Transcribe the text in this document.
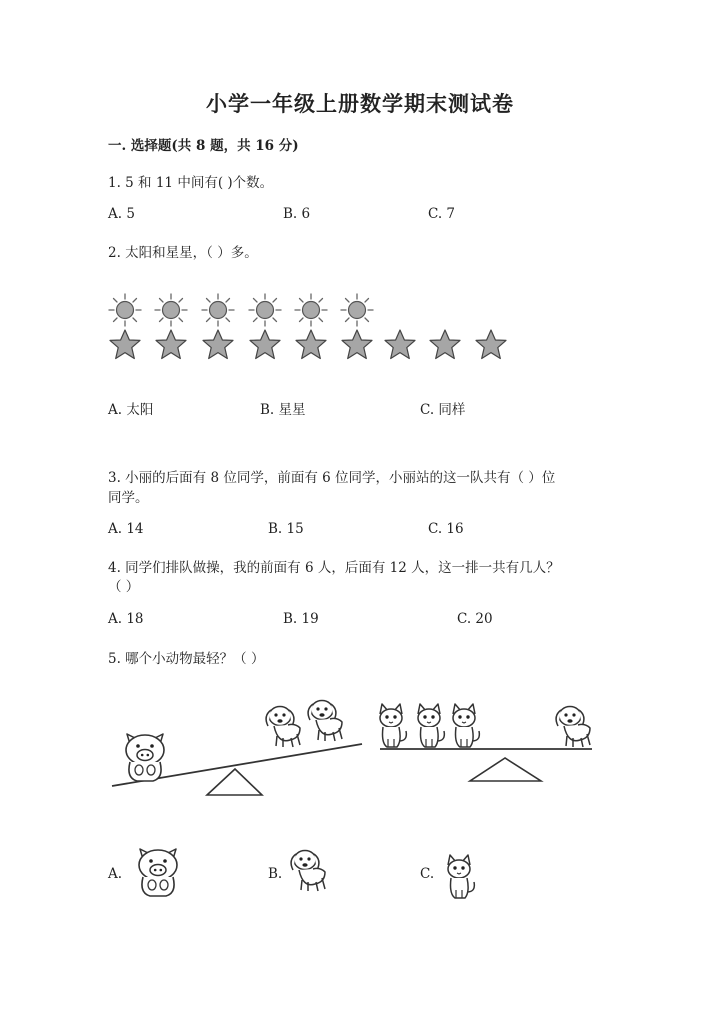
小学一年级上册数学期末测试卷
一. 选择题(共 8 题，共 16 分)
1. 5 和 11 中间有( )个数。
A. 5	B. 6	C. 7
2. 太阳和星星，（ ）多。
A. 太阳	B. 星星	C. 同样
3. 小丽的后面有 8 位同学，前面有 6 位同学，小丽站的这一队共有（ ）位
同学。
A. 14	B. 15	C. 16
4. 同学们排队做操，我的前面有 6 人，后面有 12 人，这一排一共有几人？
（ ）
A. 18	B. 19	C. 20
5. 哪个小动物最轻？（ ）
A.	B.	C.
